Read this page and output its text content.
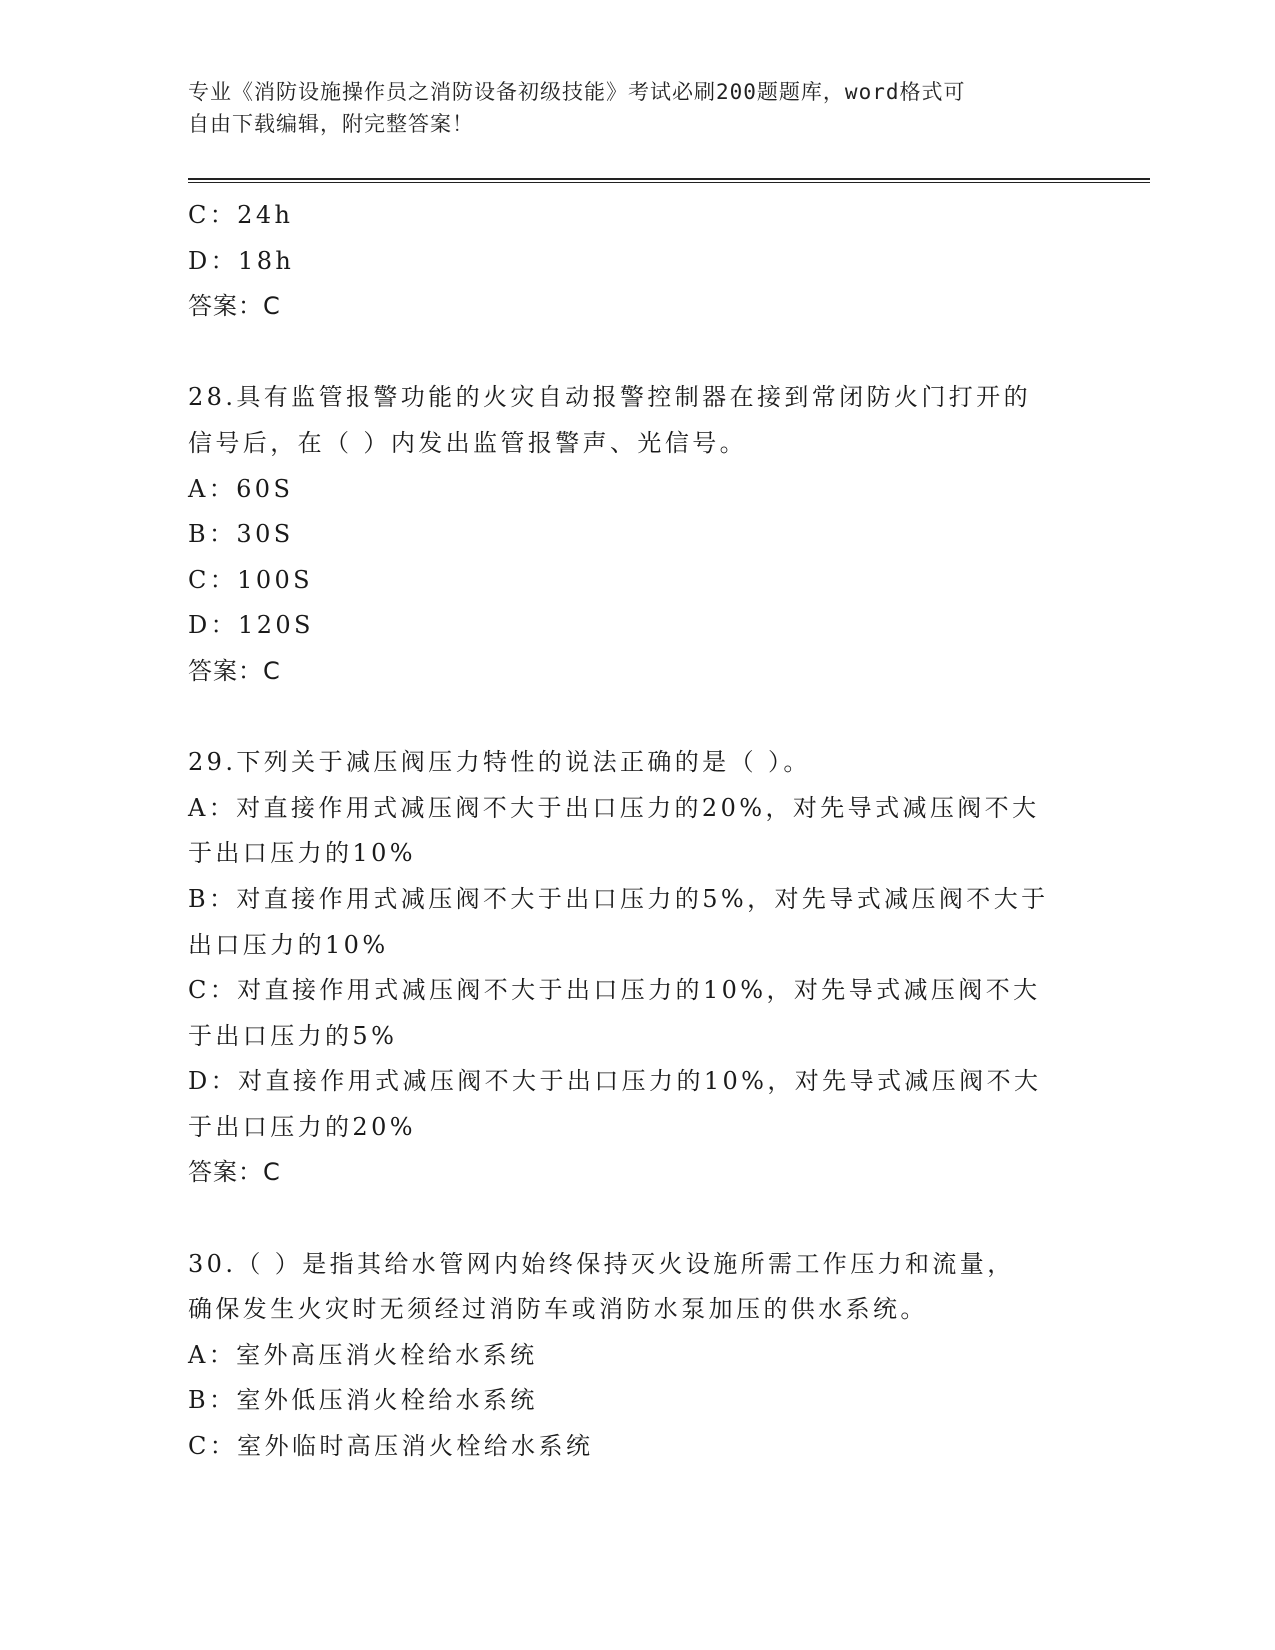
专业《消防设施操作员之消防设备初级技能》考试必刷200题题库，word格式可
自由下载编辑，附完整答案！
C：24h
D：18h
答案：C
28.具有监管报警功能的火灾自动报警控制器在接到常闭防火门打开的
信号后，在（ ）内发出监管报警声、光信号。
A：60S
B：30S
C：100S
D：120S
答案：C
29.下列关于减压阀压力特性的说法正确的是（ ）。
A：对直接作用式减压阀不大于出口压力的20%，对先导式减压阀不大
于出口压力的10%
B：对直接作用式减压阀不大于出口压力的5%，对先导式减压阀不大于
出口压力的10%
C：对直接作用式减压阀不大于出口压力的10%，对先导式减压阀不大
于出口压力的5%
D：对直接作用式减压阀不大于出口压力的10%，对先导式减压阀不大
于出口压力的20%
答案：C
30.（ ）是指其给水管网内始终保持灭火设施所需工作压力和流量，
确保发生火灾时无须经过消防车或消防水泵加压的供水系统。
A：室外高压消火栓给水系统
B：室外低压消火栓给水系统
C：室外临时高压消火栓给水系统
